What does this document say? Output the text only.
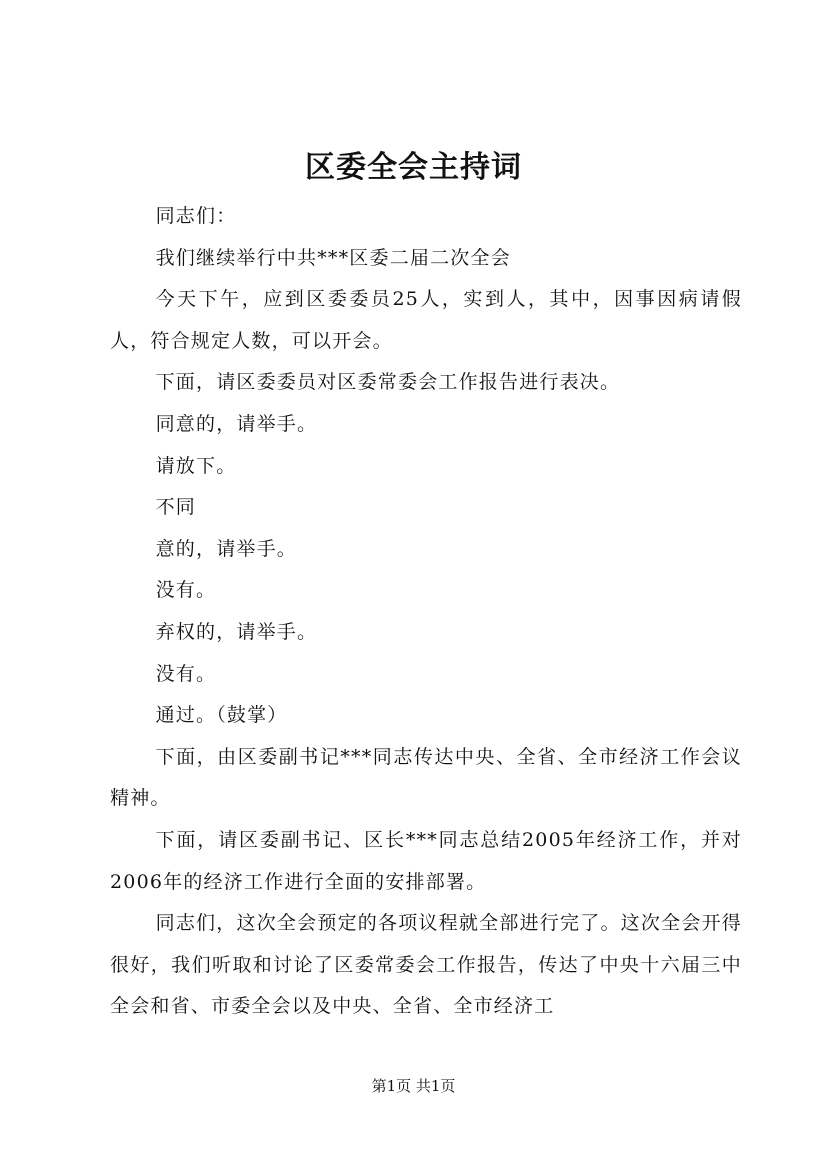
区委全会主持词

同志们：

我们继续举行中共***区委二届二次全会

今天下午，应到区委委员25人，实到人，其中，因事因病请假人，符合规定人数，可以开会。

下面，请区委委员对区委常委会工作报告进行表决。

同意的，请举手。

请放下。

不同

意的，请举手。

没有。

弃权的，请举手。

没有。

通过。（鼓掌）

下面，由区委副书记***同志传达中央、全省、全市经济工作会议精神。

下面，请区委副书记、区长***同志总结2005年经济工作，并对2006年的经济工作进行全面的安排部署。

同志们，这次全会预定的各项议程就全部进行完了。这次全会开得很好，我们听取和讨论了区委常委会工作报告，传达了中央十六届三中全会和省、市委全会以及中央、全省、全市经济工

第1页 共1页
